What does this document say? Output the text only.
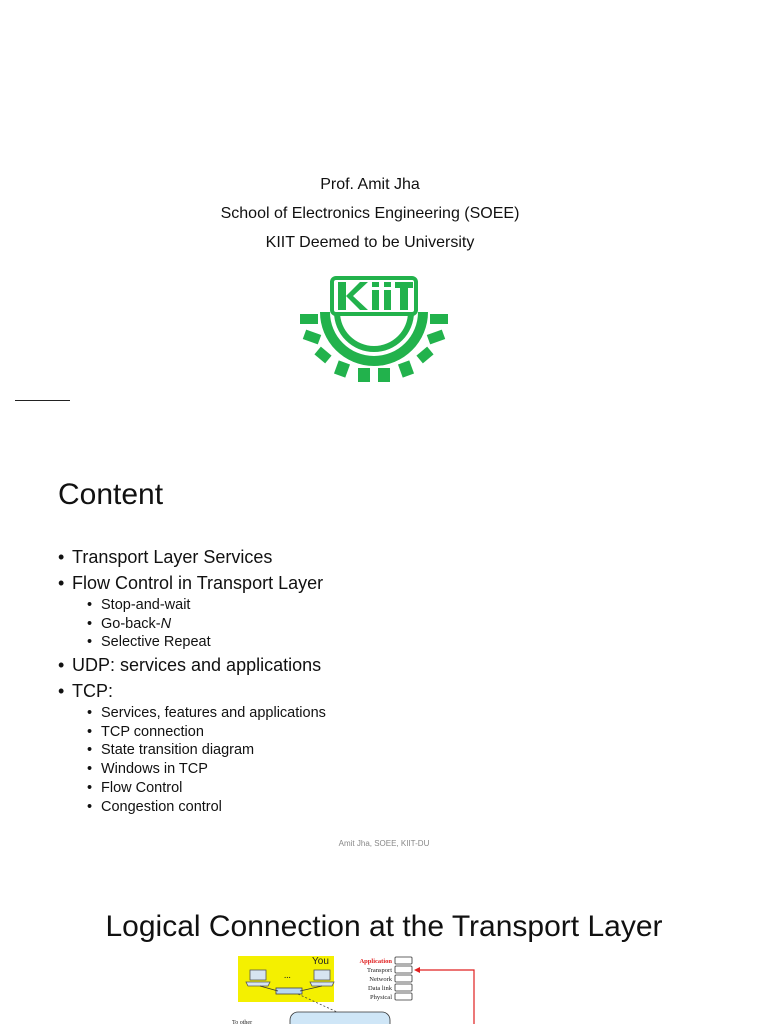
Prof. Amit Jha
School of Electronics Engineering (SOEE)
KIIT Deemed to be University
Content
• Transport Layer Services
• Flow Control in Transport Layer
• Stop-and-wait
• Go-back-N
• Selective Repeat
• UDP: services and applications
• TCP:
• Services, features and applications
• TCP connection
• State transition diagram
• Windows in TCP
• Flow Control
• Congestion control
Amit Jha, SOEE, KIIT-DU
Logical Connection at the Transport Layer
...
You
To other
Application
Transport
Network
Data link
Physical
